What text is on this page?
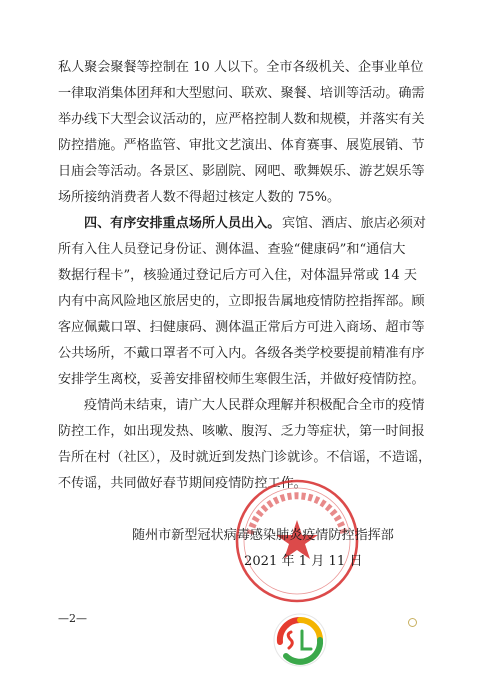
私人聚会聚餐等控制在 10 人以下。全市各级机关、企事业单位
一律取消集体团拜和大型慰问、联欢、聚餐、培训等活动。确需
举办线下大型会议活动的，应严格控制人数和规模，并落实有关
防控措施。严格监管、审批文艺演出、体育赛事、展览展销、节
日庙会等活动。各景区、影剧院、网吧、歌舞娱乐、游艺娱乐等
场所接纳消费者人数不得超过核定人数的 75%。
四、有序安排重点场所人员出入。 宾馆、酒店、旅店必须对
所有入住人员登记身份证、测体温、查验“健康码”和“通信大
数据行程卡”，核验通过登记后方可入住，对体温异常或 14 天
内有中高风险地区旅居史的，立即报告属地疫情防控指挥部。顾
客应佩戴口罩、扫健康码、测体温正常后方可进入商场、超市等
公共场所，不戴口罩者不可入内。各级各类学校要提前精准有序
安排学生离校，妥善安排留校师生寒假生活，并做好疫情防控。
疫情尚未结束，请广大人民群众理解并积极配合全市的疫情
防控工作，如出现发热、咳嗽、腹泻、乏力等症状，第一时间报
告所在村（社区），及时就近到发热门诊就诊。不信谣，不造谣，
不传谣，共同做好春节期间疫情防控工作。
随州市新型冠状病毒感染肺炎疫情防控指挥部
2021 年 1 月 11 日
—2—
